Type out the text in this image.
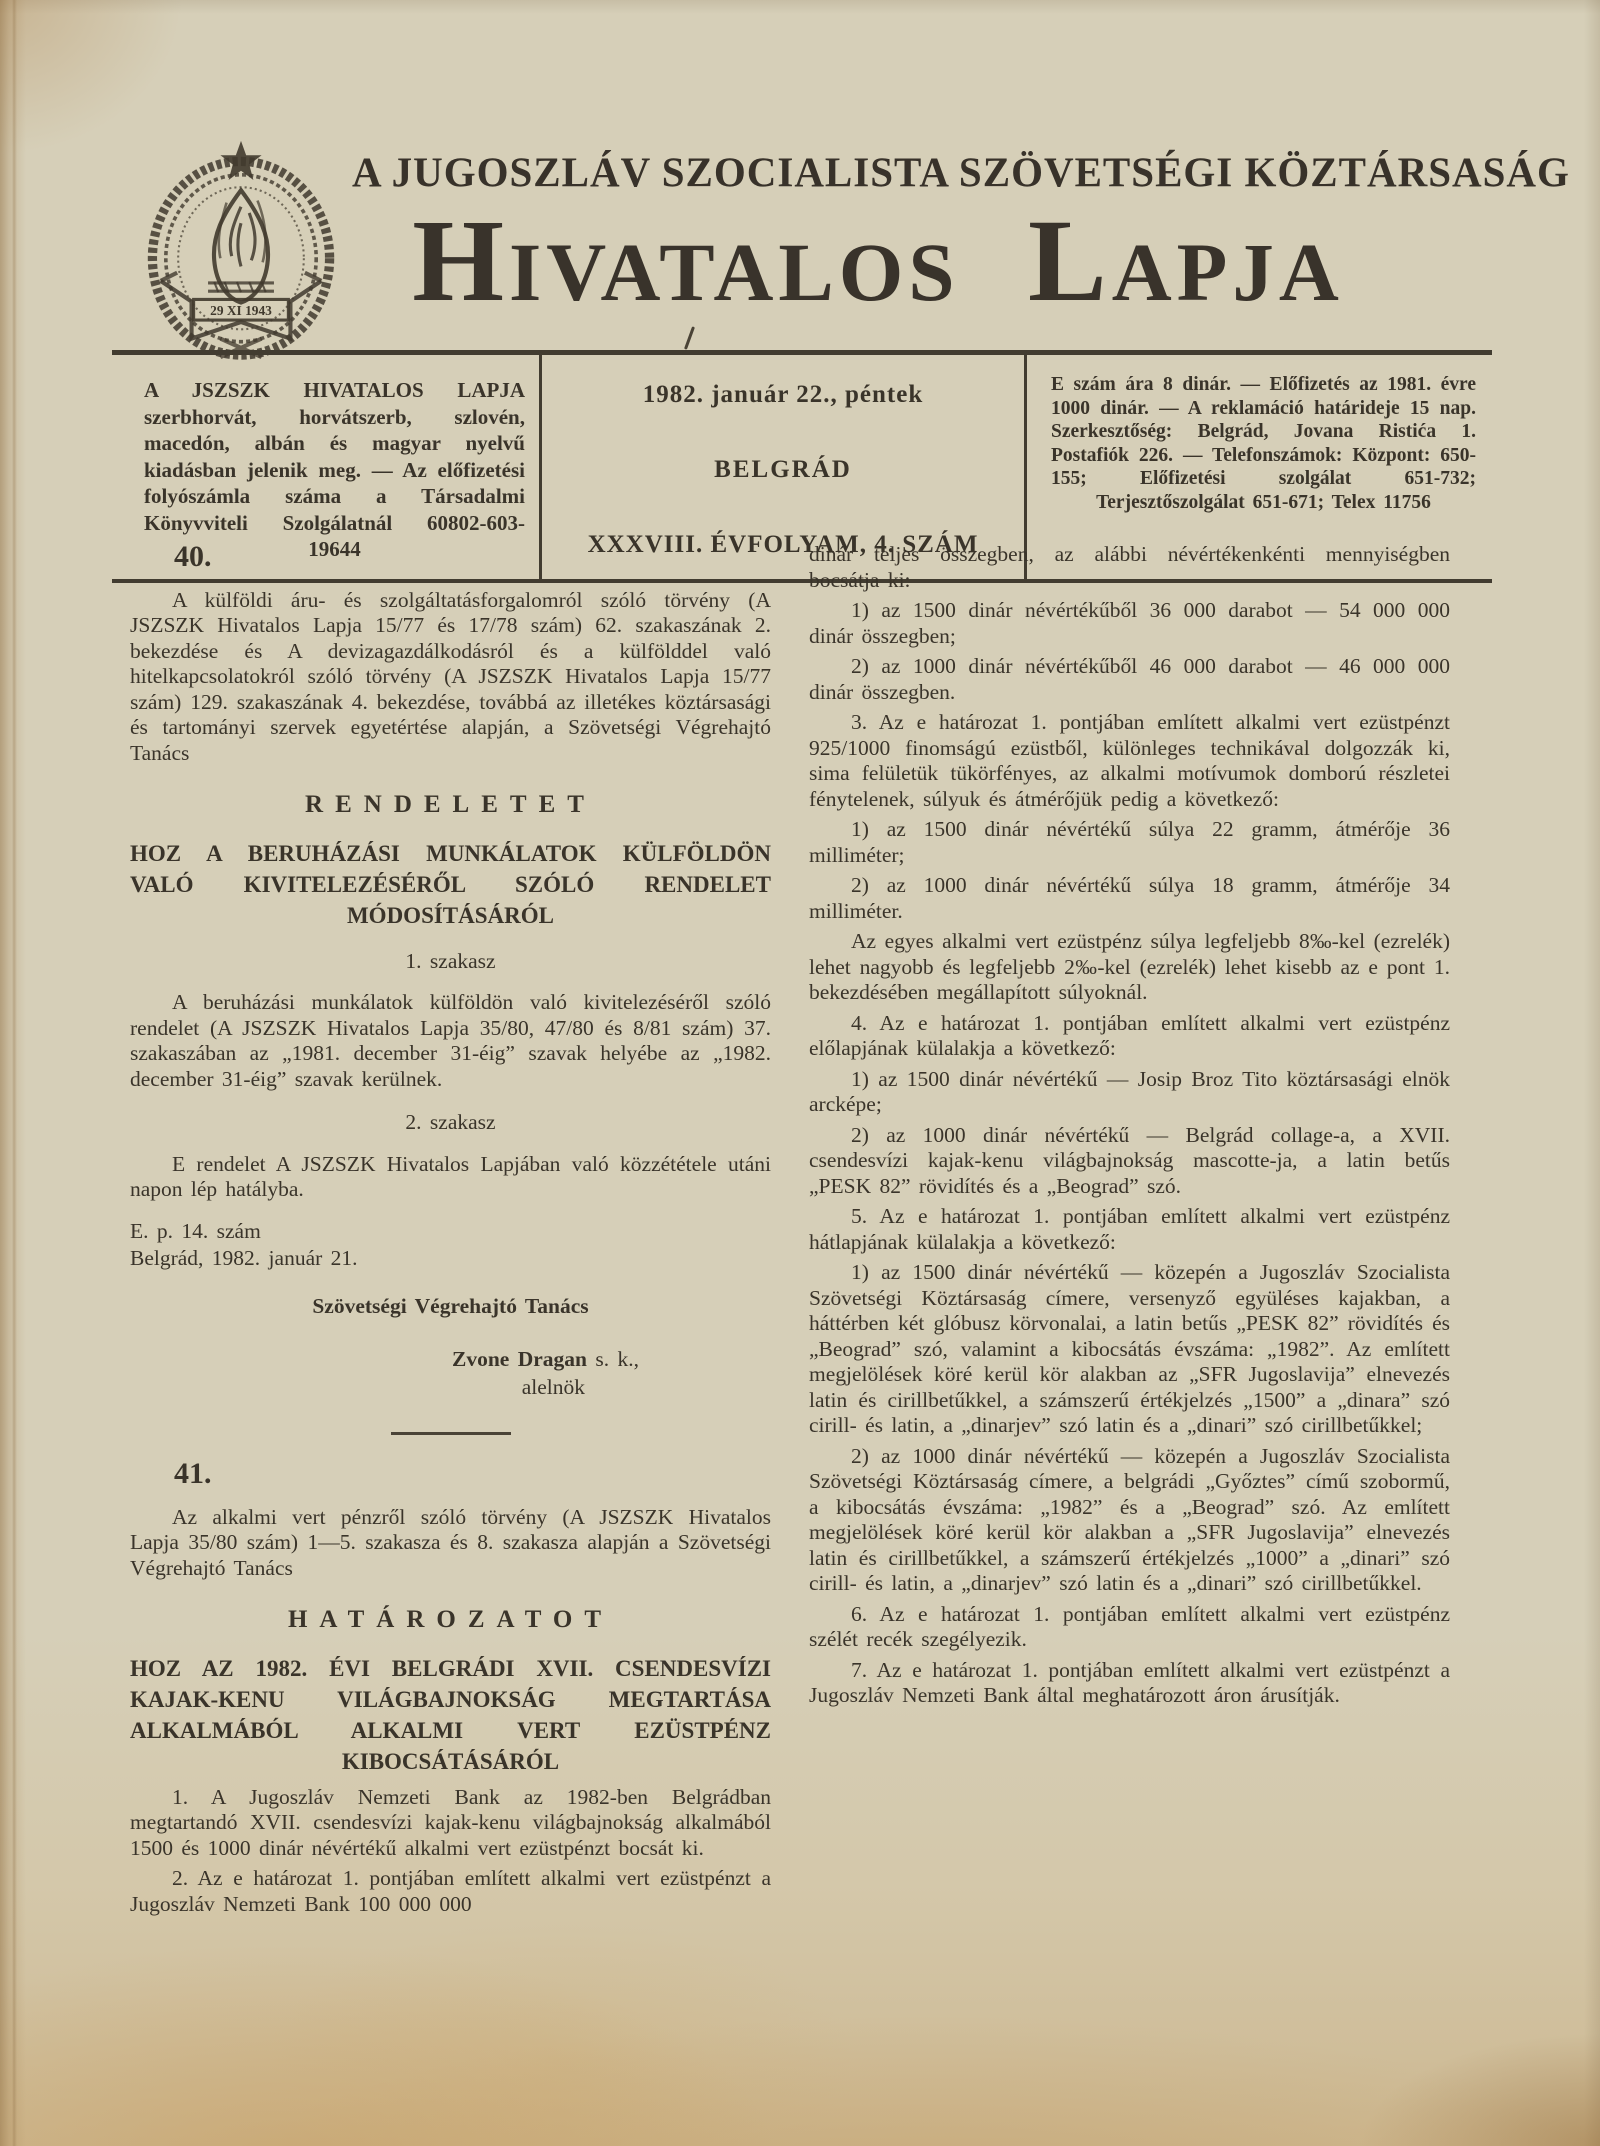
29 XI 1943
A JUGOSZLÁV SZOCIALISTA SZÖVETSÉGI KÖZTÁRSASÁG
Hivatalos Lapja
A JSZSZK HIVATALOS LAPJA szerbhorvát, horvátszerb, szlovén, macedón, albán és magyar nyelvű kiadásban jelenik meg. — Az előfizetési folyószámla száma a Társadalmi Könyvviteli Szolgálatnál 60802-603-19644
1982. január 22., péntek
BELGRÁD
XXXVIII. ÉVFOLYAM, 4. SZÁM
E szám ára 8 dinár. — Előfizetés az 1981. évre 1000 dinár. — A reklamáció határideje 15 nap. Szerkesztőség: Belgrád, Jovana Ristića 1. Postafiók 226. — Telefonszámok: Központ: 650-155; Előfizetési szolgálat 651-732; Terjesztőszolgálat 651-671; Telex 11756
40.

A külföldi áru- és szolgáltatásforgalomról szóló törvény (A JSZSZK Hivatalos Lapja 15/77 és 17/78 szám) 62. szakaszának 2. bekezdése és A devizagazdálkodásról és a külfölddel való hitelkapcsolatokról szóló törvény (A JSZSZK Hivatalos Lapja 15/77 szám) 129. szakaszának 4. bekezdése, továbbá az illetékes köztársasági és tartományi szervek egyetértése alapján, a Szövetségi Végrehajtó Tanács

RENDELETET
HOZ A BERUHÁZÁSI MUNKÁLATOK KÜLFÖLDÖN VALÓ KIVITELEZÉSÉRŐL SZÓLÓ RENDELET MÓDOSÍTÁSÁRÓL

1. szakasz

A beruházási munkálatok külföldön való kivitelezéséről szóló rendelet (A JSZSZK Hivatalos Lapja 35/80, 47/80 és 8/81 szám) 37. szakaszában az „1981. december 31-éig” szavak helyébe az „1982. december 31-éig” szavak kerülnek.

2. szakasz

E rendelet A JSZSZK Hivatalos Lapjában való közzététele utáni napon lép hatályba.

E. p. 14. szám

Belgrád, 1982. január 21.

Szövetségi Végrehajtó Tanács
Zvone Dragan s. k.,
alelnök
41.

Az alkalmi vert pénzről szóló törvény (A JSZSZK Hivatalos Lapja 35/80 szám) 1—5. szakasza és 8. szakasza alapján a Szövetségi Végrehajtó Tanács

HATÁROZATOT
HOZ AZ 1982. ÉVI BELGRÁDI XVII. CSENDESVÍZI KAJAK-KENU VILÁGBAJNOKSÁG MEGTARTÁSA ALKALMÁBÓL ALKALMI VERT EZÜSTPÉNZ KIBOCSÁTÁSÁRÓL

1. A Jugoszláv Nemzeti Bank az 1982-ben Belgrádban megtartandó XVII. csendesvízi kajak-kenu világbajnokság alkalmából 1500 és 1000 dinár névértékű alkalmi vert ezüstpénzt bocsát ki.

2. Az e határozat 1. pontjában említett alkalmi vert ezüstpénzt a Jugoszláv Nemzeti Bank 100 000 000

dinár teljes összegben, az alábbi névértékenkénti mennyiségben bocsátja ki:

1) az 1500 dinár névértékűből 36 000 darabot — 54 000 000 dinár összegben;

2) az 1000 dinár névértékűből 46 000 darabot — 46 000 000 dinár összegben.

3. Az e határozat 1. pontjában említett alkalmi vert ezüstpénzt 925/1000 finomságú ezüstből, különleges technikával dolgozzák ki, sima felületük tükörfényes, az alkalmi motívumok domború részletei fénytelenek, súlyuk és átmérőjük pedig a következő:

1) az 1500 dinár névértékű súlya 22 gramm, átmérője 36 milliméter;

2) az 1000 dinár névértékű súlya 18 gramm, átmérője 34 milliméter.

Az egyes alkalmi vert ezüstpénz súlya legfeljebb 8‰-kel (ezrelék) lehet nagyobb és legfeljebb 2‰-kel (ezrelék) lehet kisebb az e pont 1. bekezdésében megállapított súlyoknál.

4. Az e határozat 1. pontjában említett alkalmi vert ezüstpénz előlapjának külalakja a következő:

1) az 1500 dinár névértékű — Josip Broz Tito köztársasági elnök arcképe;

2) az 1000 dinár névértékű — Belgrád collage-a, a XVII. csendesvízi kajak-kenu világbajnokság mascotte-ja, a latin betűs „PESK 82” rövidítés és a „Beograd” szó.

5. Az e határozat 1. pontjában említett alkalmi vert ezüstpénz hátlapjának külalakja a következő:

1) az 1500 dinár névértékű — közepén a Jugoszláv Szocialista Szövetségi Köztársaság címere, versenyző együléses kajakban, a háttérben két glóbusz körvonalai, a latin betűs „PESK 82” rövidítés és „Beograd” szó, valamint a kibocsátás évszáma: „1982”. Az említett megjelölések köré kerül kör alakban az „SFR Jugoslavija” elnevezés latin és cirillbetűkkel, a számszerű értékjelzés „1500” a „dinara” szó cirill- és latin, a „dinarjev” szó latin és a „dinari” szó cirillbetűkkel;

2) az 1000 dinár névértékű — közepén a Jugoszláv Szocialista Szövetségi Köztársaság címere, a belgrádi „Győztes” című szobormű, a kibocsátás évszáma: „1982” és a „Beograd” szó. Az említett megjelölések köré kerül kör alakban a „SFR Jugoslavija” elnevezés latin és cirillbetűkkel, a számszerű értékjelzés „1000” a „dinari” szó cirill- és latin, a „dinarjev” szó latin és a „dinari” szó cirillbetűkkel.

6. Az e határozat 1. pontjában említett alkalmi vert ezüstpénz szélét recék szegélyezik.

7. Az e határozat 1. pontjában említett alkalmi vert ezüstpénzt a Jugoszláv Nemzeti Bank által meghatározott áron árusítják.
